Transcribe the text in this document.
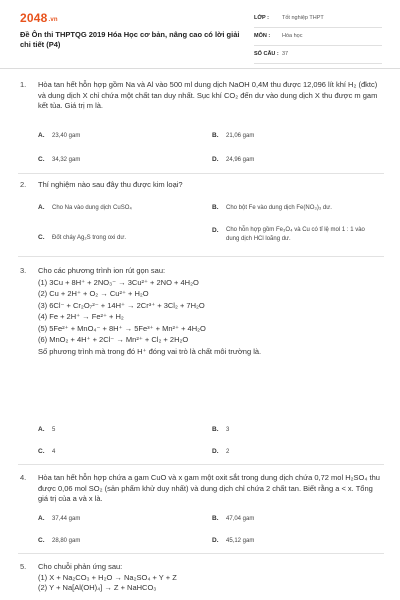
2048.vn
Đề Ôn thi THPTQG 2019 Hóa Học cơ bản, nâng cao có lời giải chi tiết (P4)
LỚP : Tốt nghiệp THPT
MÔN : Hóa học
SỐ CÂU : 37
1. Hòa tan hết hỗn hợp gồm Na và Al vào 500 ml dung dịch NaOH 0,4M thu được 12,096 lít khí H₂ (đktc) và dung dịch X chỉ chứa một chất tan duy nhất. Sục khí CO₂ đến dư vào dung dịch X thu được m gam kết tủa. Giá trị m là.
A. 23,40 gam	B. 21,06 gam
C. 34,32 gam	D. 24,96 gam
2. Thí nghiệm nào sau đây thu được kim loại?
A. Cho Na vào dung dịch CuSO₄	B. Cho bột Fe vào dung dịch Fe(NO₃)₃ dư.
C. Đốt cháy Ag₂S trong oxi dư.
D. Cho hỗn hợp gồm Fe₃O₄ và Cu có tỉ lệ mol 1 : 1 vào dung dịch HCl loãng dư.
3. Cho các phương trình ion rút gọn sau:
(1) 3Cu + 8H⁺ + 2NO₃⁻ → 3Cu²⁺ + 2NO + 4H₂O
(2) Cu + 2H⁺ + O₂ → Cu²⁺ + H₂O
(3) 6Cl⁻ + Cr₂O₇²⁻ + 14H⁺ → 2Cr³⁺ + 3Cl₂ + 7H₂O
(4) Fe + 2H⁺ → Fe²⁺ + H₂
(5) 5Fe²⁺ + MnO₄⁻ + 8H⁺ → 5Fe³⁺ + Mn²⁺ + 4H₂O
(6) MnO₂ + 4H⁺ + 2Cl⁻ → Mn²⁺ + Cl₂ + 2H₂O
Số phương trình mà trong đó H⁺ đóng vai trò là chất môi trường là.
A. 5	B. 3
C. 4	D. 2
4. Hòa tan hết hỗn hợp chứa a gam CuO và x gam một oxit sắt trong dung dịch chứa 0,72 mol H₂SO₄ thu được 0,06 mol SO₂ (sản phẩm khử duy nhất) và dung dịch chỉ chứa 2 chất tan. Biết rằng a < x. Tổng giá trị của a và x là.
A. 37,44 gam	B. 47,04 gam
C. 28,80 gam	D. 45,12 gam
5. Cho chuỗi phản ứng sau:
(1) X + Na₂CO₃ + H₂O → Na₂SO₄ + Y + Z
(2) Y + Na[Al(OH)₄] → Z + NaHCO₃
